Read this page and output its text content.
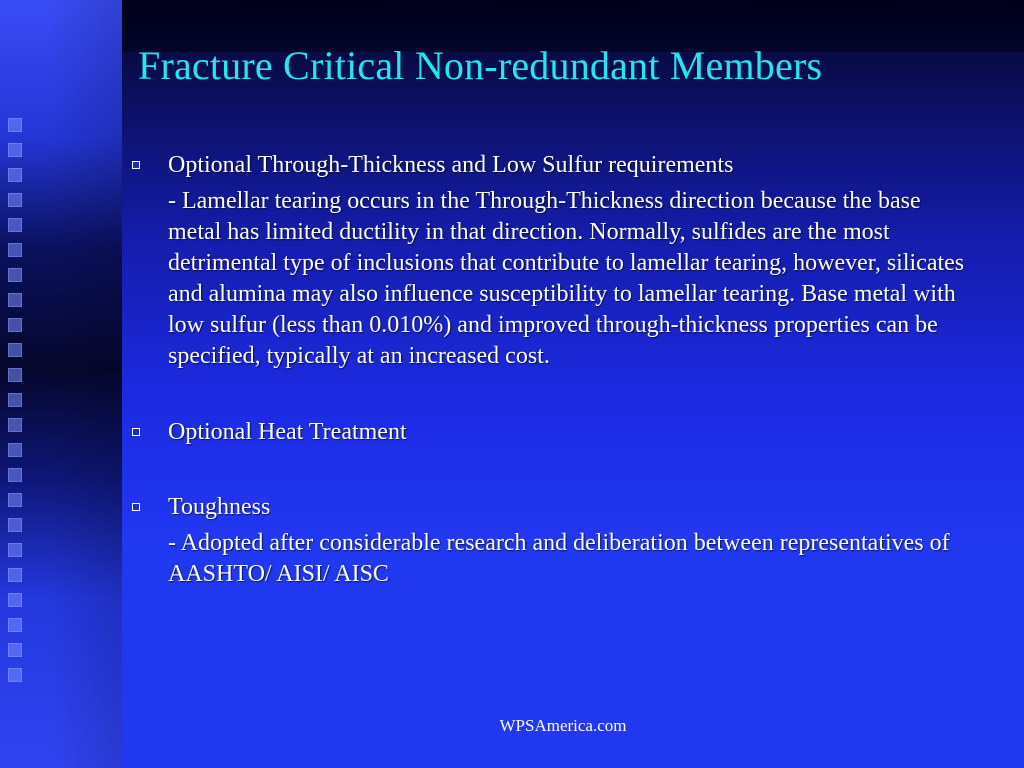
Fracture Critical Non-redundant Members
Optional Through-Thickness and Low Sulfur requirements
- Lamellar tearing occurs in the Through-Thickness direction because the base metal has limited ductility in that direction. Normally, sulfides are the most detrimental type of inclusions that contribute to lamellar tearing, however, silicates and alumina may also influence susceptibility to lamellar tearing. Base metal with low sulfur (less than 0.010%) and improved through-thickness properties can be specified, typically at an increased cost.
Optional Heat Treatment
Toughness
- Adopted after considerable research and deliberation between representatives of AASHTO/ AISI/ AISC
WPSAmerica.com
